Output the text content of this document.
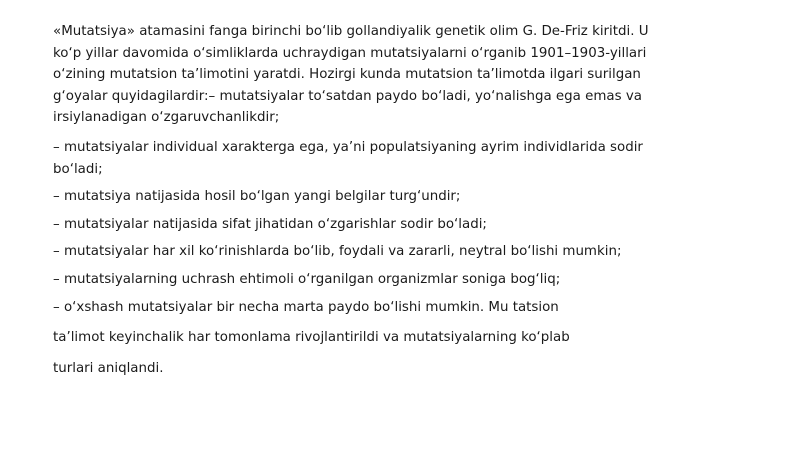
«Mutatsiya» atamasini fanga birinchi bo‘lib gollandiyalik genetik olim G. De-Friz kiritdi. U
ko‘p yillar davomida o‘simliklarda uchraydigan mutatsiyalarni o‘rganib 1901–1903-yillari
o‘zining mutatsion ta’limotini yaratdi. Hozirgi kunda mutatsion ta’limotda ilgari surilgan
g‘oyalar quyidagilardir:– mutatsiyalar to‘satdan paydo bo‘ladi, yo‘nalishga ega emas va
irsiylanadigan o‘zgaruvchanlikdir;

– mutatsiyalar individual xarakterga ega, ya’ni populatsiyaning ayrim individlarida sodir
bo‘ladi;

– mutatsiya natijasida hosil bo‘lgan yangi belgilar turg‘undir;

– mutatsiyalar natijasida sifat jihatidan o‘zgarishlar sodir bo‘ladi;

– mutatsiyalar har xil ko‘rinishlarda bo‘lib, foydali va zararli, neytral bo‘lishi mumkin;

– mutatsiyalarning uchrash ehtimoli o‘rganilgan organizmlar soniga bog‘liq;

– o‘xshash mutatsiyalar bir necha marta paydo bo‘lishi mumkin. Mu tatsion

ta’limot keyinchalik har tomonlama rivojlantirildi va mutatsiyalarning ko‘plab

turlari aniqlandi.
